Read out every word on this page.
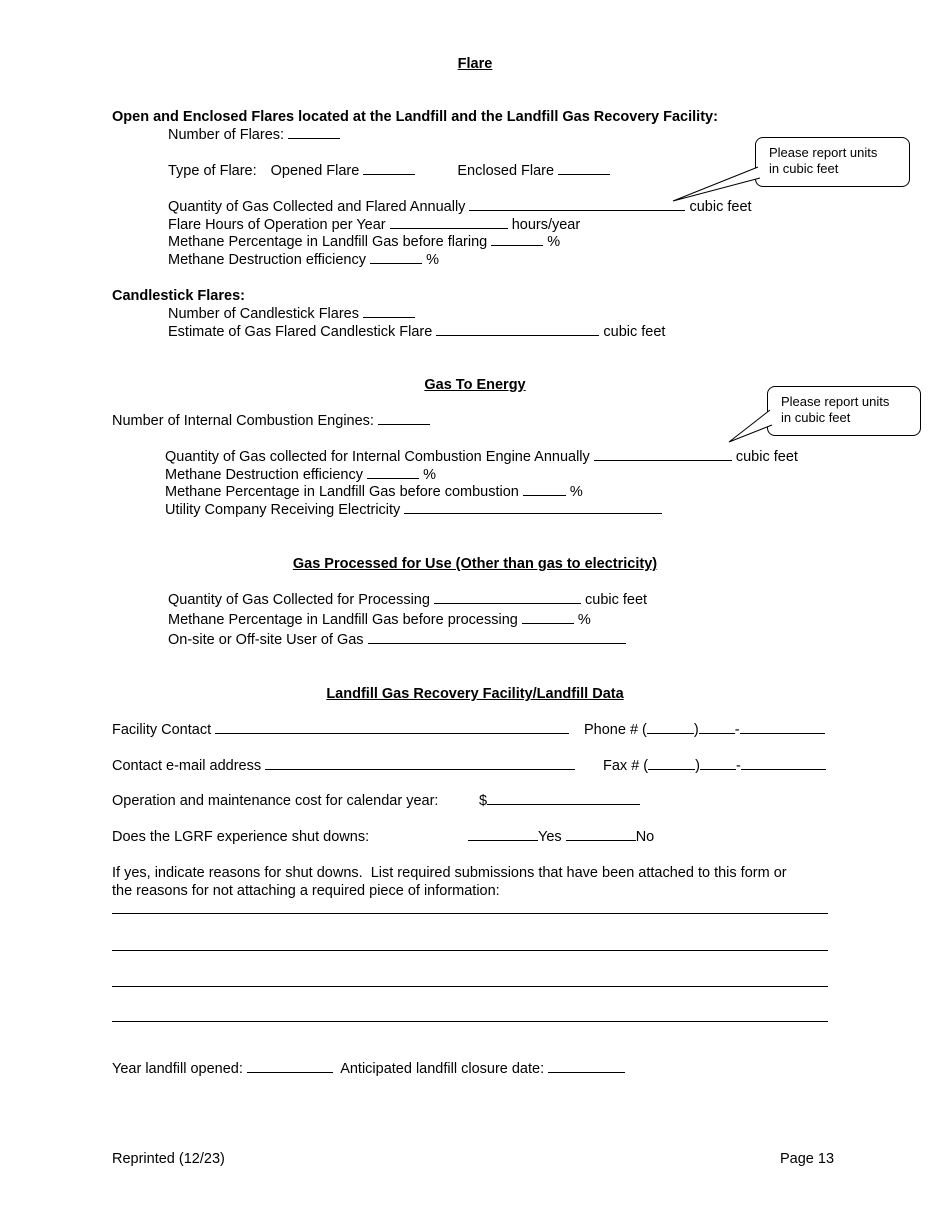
Flare
Open and Enclosed Flares located at the Landfill and the Landfill Gas Recovery Facility:
Number of Flares:
Type of Flare: Opened Flare	Enclosed Flare
Please report units
in cubic feet
Quantity of Gas Collected and Flared Annually	cubic feet
Flare Hours of Operation per Year	hours/year
Methane Percentage in Landfill Gas before flaring	%
Methane Destruction efficiency	%
Candlestick Flares:
Number of Candlestick Flares
Estimate of Gas Flared Candlestick Flare	cubic feet
Gas To Energy
Number of Internal Combustion Engines:
Please report units
in cubic feet
Quantity of Gas collected for Internal Combustion Engine Annually	cubic feet
Methane Destruction efficiency	%
Methane Percentage in Landfill Gas before combustion	%
Utility Company Receiving Electricity
Gas Processed for Use (Other than gas to electricity)
Quantity of Gas Collected for Processing	cubic feet
Methane Percentage in Landfill Gas before processing	%
On-site or Off-site User of Gas
Landfill Gas Recovery Facility/Landfill Data
Facility Contact	Phone # (	) -
Contact e-mail address	Fax # (	) -
Operation and maintenance cost for calendar year:	$
Does the LGRF experience shut downs:	Yes	No
If yes, indicate reasons for shut downs.  List required submissions that have been attached to this form or
the reasons for not attaching a required piece of information:
Year landfill opened:	Anticipated landfill closure date:
Reprinted (12/23)	Page 13
